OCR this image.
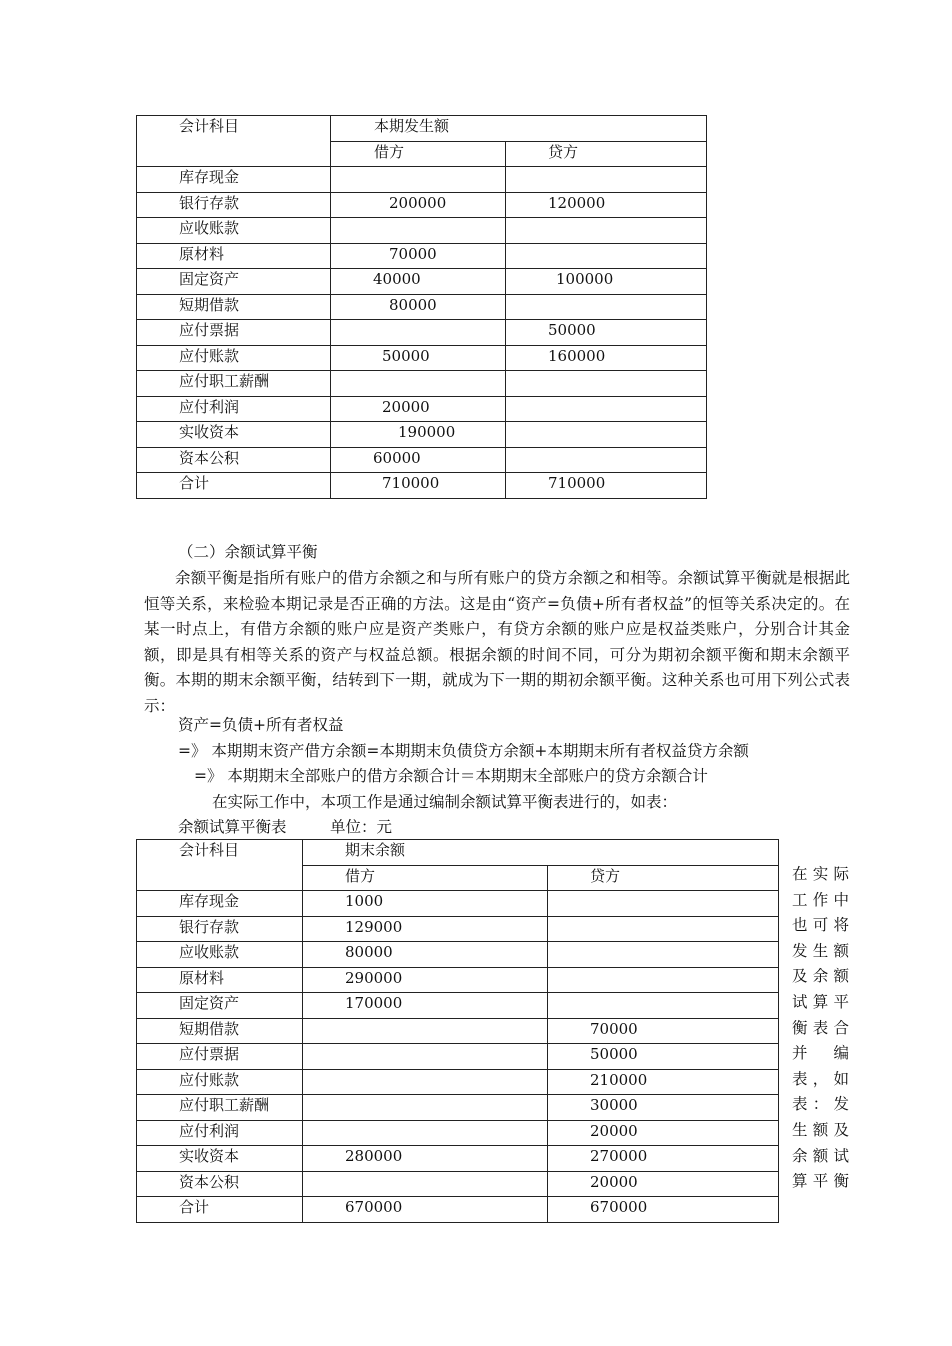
会计科目	本期发生额	
	借方	贷方
库存现金		
银行存款	200000	120000
应收账款		
原材料	70000	
固定资产	40000	100000
短期借款	80000	
应付票据		50000
应付账款	50000	160000
应付职工薪酬		
应付利润	20000	
实收资本	190000	
资本公积	60000	
合计	710000	710000
（二）余额试算平衡
余额平衡是指所有账户的借方余额之和与所有账户的贷方余额之和相等。余额试算平衡就是根据此恒等关系，来检验本期记录是否正确的方法。这是由“资产=负债+所有者权益”的恒等关系决定的。在某一时点上，有借方余额的账户应是资产类账户，有贷方余额的账户应是权益类账户，分别合计其金额，即是具有相等关系的资产与权益总额。根据余额的时间不同，可分为期初余额平衡和期末余额平衡。本期的期末余额平衡，结转到下一期，就成为下一期的期初余额平衡。这种关系也可用下列公式表示：
资产=负债+所有者权益
=》 本期期末资产借方余额=本期期末负债贷方余额+本期期末所有者权益贷方余额
=》 本期期末全部账户的借方余额合计＝本期期末全部账户的贷方余额合计
在实际工作中，本项工作是通过编制余额试算平衡表进行的，如表：
余额试算平衡表	单位：元
会计科目	期末余额	
	借方	贷方
库存现金	1000	
银行存款	129000	
应收账款	80000	
原材料	290000	
固定资产	170000	
短期借款		70000
应付票据		50000
应付账款		210000
应付职工薪酬		30000
应付利润		20000
实收资本	280000	270000
资本公积		20000
合计	670000	670000
在实际工作中也可将发生额及余额试算平衡表合并编表，如表：发生额及余额试算平衡
